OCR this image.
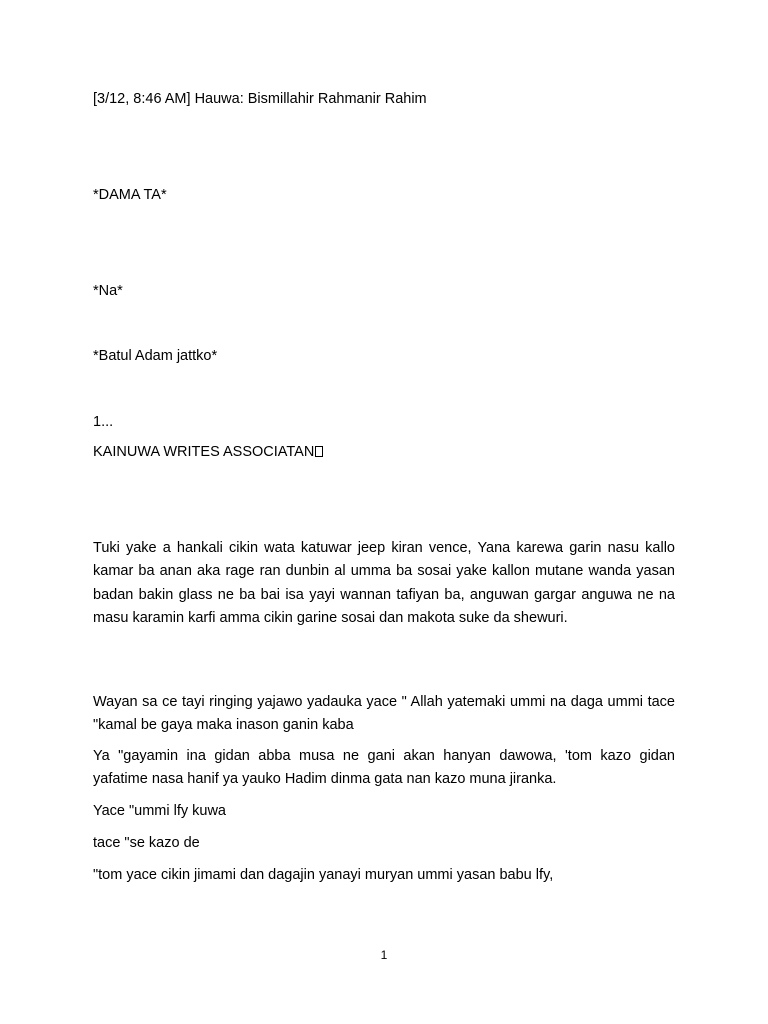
[3/12, 8:46 AM] Hauwa: Bismillahir Rahmanir Rahim
*DAMA TA*
*Na*
*Batul Adam jattko*
1...
KAINUWA WRITES ASSOCIATAN
Tuki yake a hankali cikin wata katuwar jeep kiran vence, Yana karewa garin nasu kallo kamar ba anan aka rage ran dunbin al umma ba sosai yake kallon mutane wanda yasan badan bakin glass ne ba bai isa yayi wannan tafiyan ba, anguwan gargar anguwa ne na masu karamin karfi amma cikin garine sosai dan makota suke da shewuri.
Wayan sa ce tayi ringing yajawo yadauka yace " Allah yatemaki ummi na daga ummi tace "kamal be gaya maka inason ganin kaba
Ya "gayamin ina gidan abba musa ne gani akan hanyan dawowa, 'tom kazo gidan yafatime nasa hanif ya yauko Hadim dinma gata nan kazo muna jiranka.
Yace "ummi lfy kuwa
tace "se kazo de
"tom yace cikin jimami dan dagajin yanayi muryan ummi yasan babu lfy,
1
